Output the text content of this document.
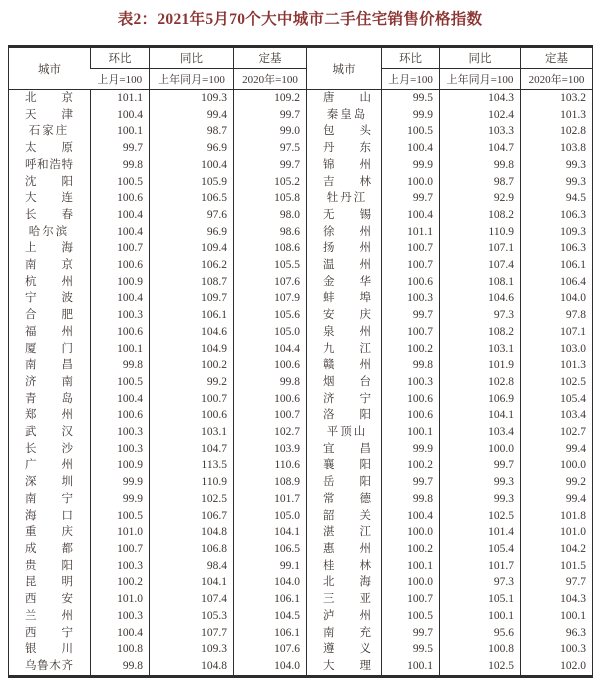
表2：2021年5月70个大中城市二手住宅销售价格指数
城市	环比	同比	定基	城市	环比	同比	定基
	上月=100	上年同月=100	2020年=100		上月=100	上年同月=100	2020年=100
北京	101.1	109.3	109.2	唐山	99.5	104.3	103.2
天津	100.4	99.4	99.7	秦皇岛	99.9	102.4	101.3
石家庄	100.1	98.7	99.0	包头	100.5	103.3	102.8
太原	99.7	96.9	97.5	丹东	100.4	104.7	103.8
呼和浩特	99.8	100.4	99.7	锦州	99.9	99.8	99.3
沈阳	100.5	105.9	105.2	吉林	100.0	98.7	99.3
大连	100.6	106.5	105.8	牡丹江	99.7	92.9	94.5
长春	100.4	97.6	98.0	无锡	100.4	108.2	106.3
哈尔滨	100.4	96.9	98.6	徐州	101.1	110.9	109.3
上海	100.7	109.4	108.6	扬州	100.7	107.1	106.3
南京	100.6	106.2	105.5	温州	100.7	107.4	106.1
杭州	100.9	108.7	107.6	金华	100.6	108.1	106.4
宁波	100.4	109.7	107.9	蚌埠	100.3	104.6	104.0
合肥	100.3	106.1	105.6	安庆	99.7	97.3	97.8
福州	100.6	104.6	105.0	泉州	100.7	108.2	107.1
厦门	100.1	104.9	104.4	九江	100.2	103.1	103.0
南昌	99.8	100.2	100.6	赣州	99.8	101.9	101.3
济南	100.5	99.2	99.8	烟台	100.3	102.8	102.5
青岛	100.4	100.7	100.6	济宁	100.6	106.9	105.4
郑州	100.6	100.6	100.7	洛阳	100.6	104.1	103.4
武汉	100.3	103.1	102.7	平顶山	100.1	103.4	102.7
长沙	100.3	104.7	103.9	宜昌	99.9	100.0	99.4
广州	100.9	113.5	110.6	襄阳	100.2	99.7	100.0
深圳	99.9	110.9	108.9	岳阳	99.7	99.3	99.2
南宁	99.9	102.5	101.7	常德	99.8	99.3	99.4
海口	100.5	106.7	105.0	韶关	100.4	102.5	101.8
重庆	101.0	104.8	104.1	湛江	100.0	101.4	101.0
成都	100.7	106.8	106.5	惠州	100.2	105.4	104.2
贵阳	100.3	98.4	99.1	桂林	100.1	101.7	101.5
昆明	100.2	104.1	104.0	北海	100.0	97.3	97.7
西安	101.0	107.4	106.1	三亚	100.7	105.1	104.3
兰州	100.3	105.3	104.5	泸州	100.5	100.1	100.1
西宁	100.4	107.7	106.1	南充	99.7	95.6	96.3
银川	100.8	109.3	107.6	遵义	99.5	100.8	100.3
乌鲁木齐	99.8	104.8	104.0	大理	100.1	102.5	102.0
